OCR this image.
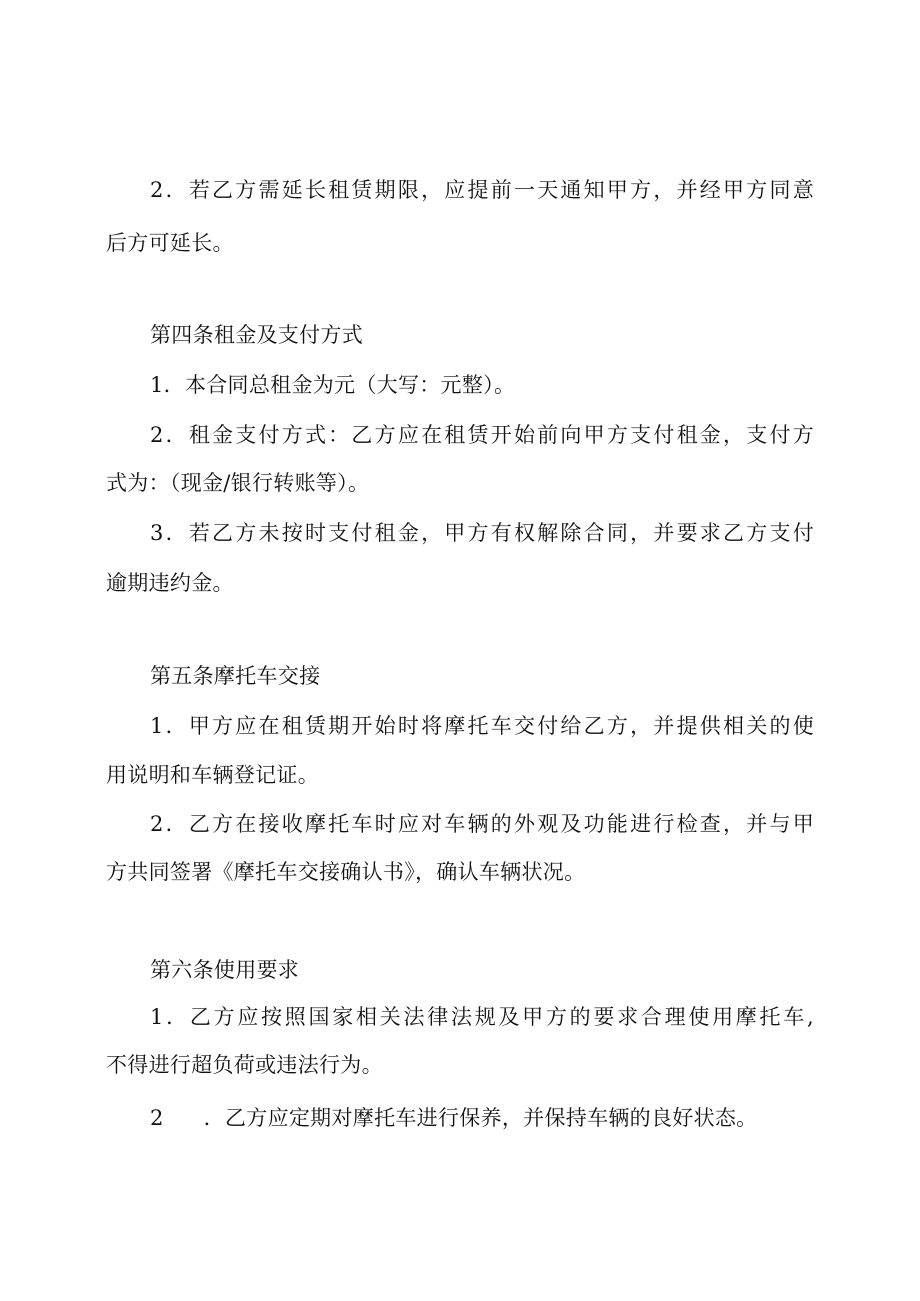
2．若乙方需延长租赁期限，应提前一天通知甲方，并经甲方同意
后方可延长。
第四条租金及支付方式
1．本合同总租金为元（大写：元整）。
2．租金支付方式：乙方应在租赁开始前向甲方支付租金，支付方
式为：（现金/银行转账等）。
3．若乙方未按时支付租金，甲方有权解除合同，并要求乙方支付
逾期违约金。
第五条摩托车交接
1．甲方应在租赁期开始时将摩托车交付给乙方，并提供相关的使
用说明和车辆登记证。
2．乙方在接收摩托车时应对车辆的外观及功能进行检查，并与甲
方共同签署《摩托车交接确认书》，确认车辆状况。
第六条使用要求
1．乙方应按照国家相关法律法规及甲方的要求合理使用摩托车,
不得进行超负荷或违法行为。
2 ．乙方应定期对摩托车进行保养，并保持车辆的良好状态。
